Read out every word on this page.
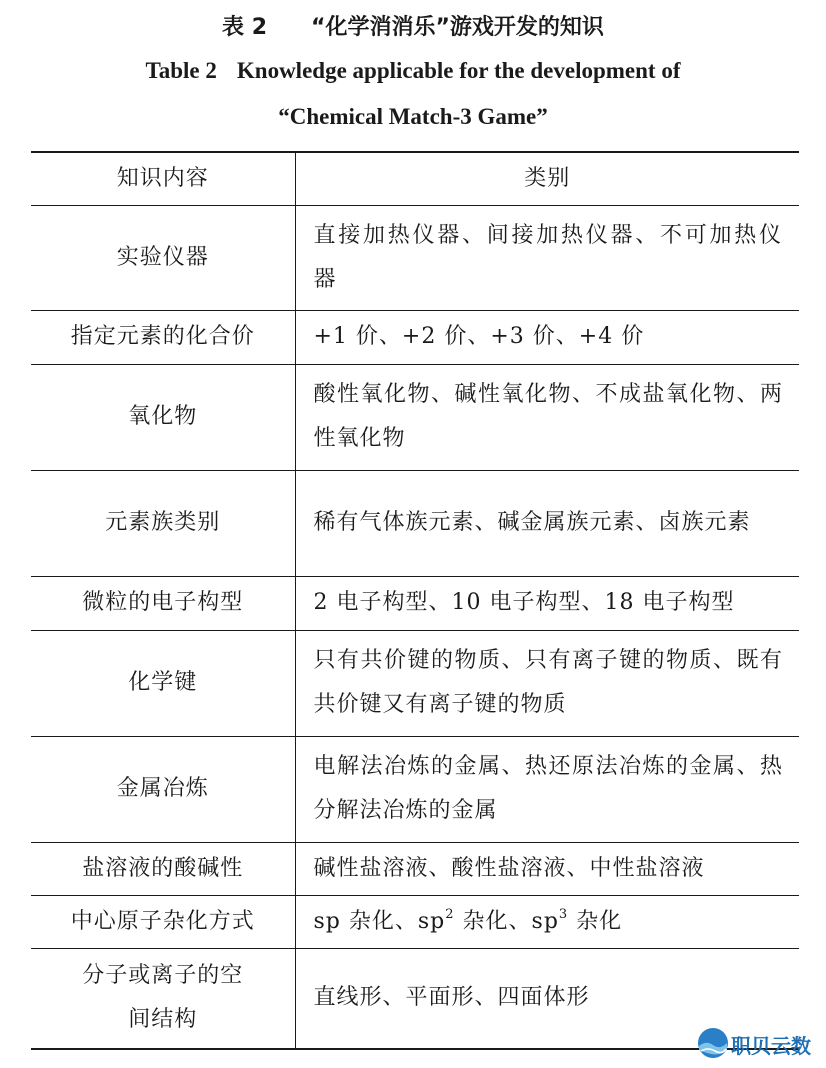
表 2 “化学消消乐”游戏开发的知识
Table 2 Knowledge applicable for the development of
“Chemical Match-3 Game”
知识内容	类别
实验仪器	直接加热仪器、间接加热仪器、不可加热仪器

指定元素的化合价	+1 价、+2 价、+3 价、+4 价

氧化物	酸性氧化物、碱性氧化物、不成盐氧化物、两性氧化物

元素族类别	稀有气体族元素、碱金属族元素、卤族元素

微粒的电子构型	2 电子构型、10 电子构型、18 电子构型

化学键	只有共价键的物质、只有离子键的物质、既有共价键又有离子键的物质

金属冶炼	电解法冶炼的金属、热还原法冶炼的金属、热分解法冶炼的金属

盐溶液的酸碱性	碱性盐溶液、酸性盐溶液、中性盐溶液

中心原子杂化方式	sp 杂化、$sp^2$ 杂化、$sp^3$ 杂化

分子或离子的空间结构	直线形、平面形、四面体形
职贝云数
